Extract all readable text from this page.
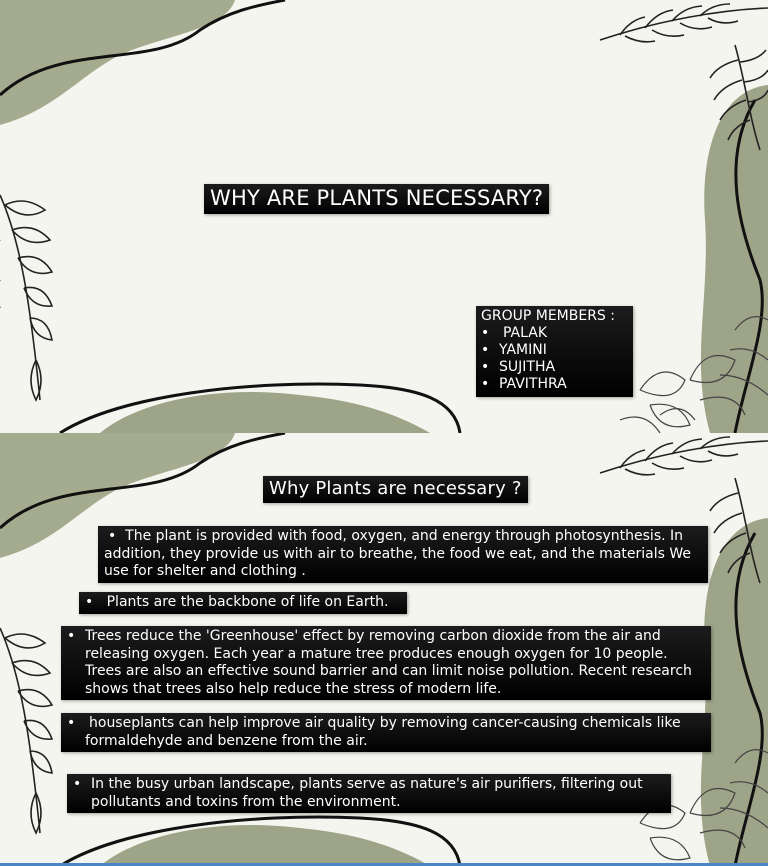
WHY ARE PLANTS NECESSARY?
GROUP MEMBERS :
• PALAK
• YAMINI
• SUJITHA
• PAVITHRA
Why Plants are necessary ?
•  The plant is provided with food, oxygen, and energy through photosynthesis. In addition, they provide us with air to breathe, the food we eat, and the materials We use for shelter and clothing .
•   Plants are the backbone of life on Earth.
• Trees reduce the 'Greenhouse' effect by removing carbon dioxide from the air and releasing oxygen. Each year a mature tree produces enough oxygen for 10 people. Trees are also an effective sound barrier and can limit noise pollution. Recent research shows that trees also help reduce the stress of modern life.
• houseplants can help improve air quality by removing cancer-causing chemicals like formaldehyde and benzene from the air.
• In the busy urban landscape, plants serve as nature's air purifiers, filtering out pollutants and toxins from the environment.
